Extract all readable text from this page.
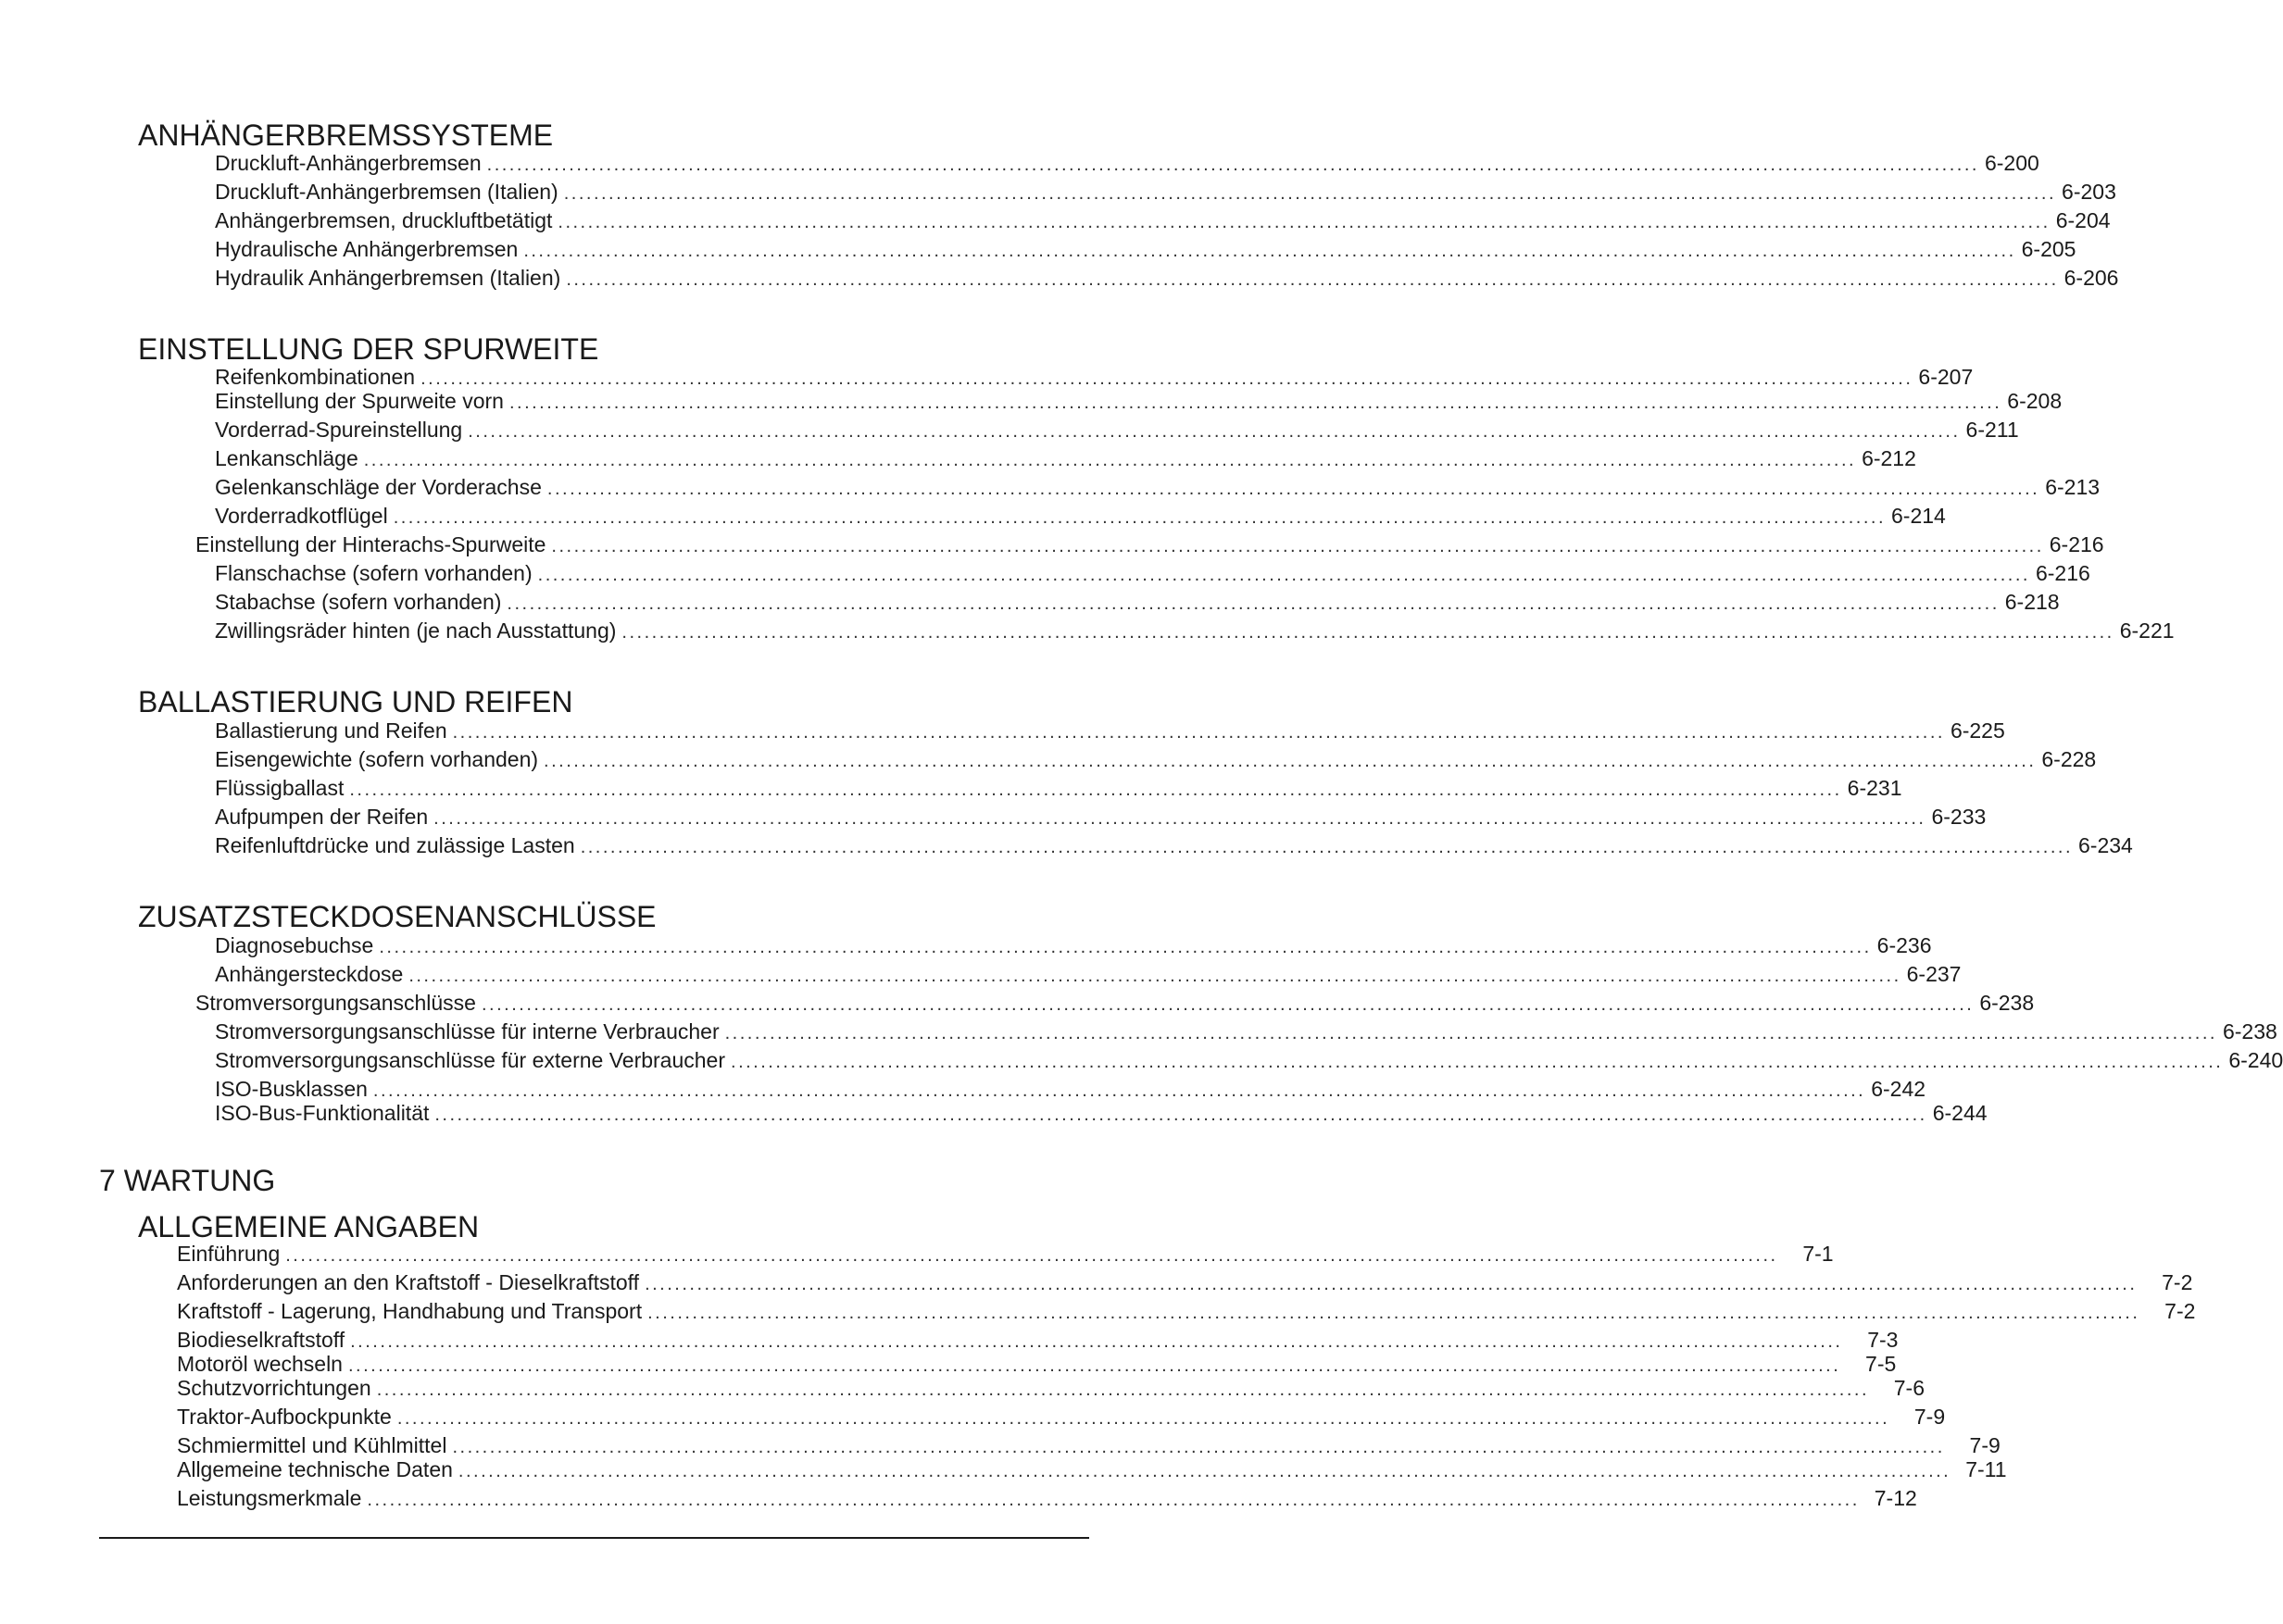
ANHÄNGERBREMSSYSTEME
Druckluft-Anhängerbremsen ........................................................................................................................................................................................................ 6-200
Druckluft-Anhängerbremsen (Italien) ........................................................................................................................................................................................................ 6-203
Anhängerbremsen, druckluftbetätigt ........................................................................................................................................................................................................ 6-204
Hydraulische Anhängerbremsen ........................................................................................................................................................................................................ 6-205
Hydraulik Anhängerbremsen (Italien) ........................................................................................................................................................................................................ 6-206
EINSTELLUNG DER SPURWEITE
Reifenkombinationen ........................................................................................................................................................................................................ 6-207
Einstellung der Spurweite vorn ........................................................................................................................................................................................................ 6-208
Vorderrad-Spureinstellung ........................................................................................................................................................................................................ 6-211
Lenkanschläge ........................................................................................................................................................................................................ 6-212
Gelenkanschläge der Vorderachse ........................................................................................................................................................................................................ 6-213
Vorderradkotflügel ........................................................................................................................................................................................................ 6-214
Einstellung der Hinterachs-Spurweite ........................................................................................................................................................................................................ 6-216
Flanschachse (sofern vorhanden) ........................................................................................................................................................................................................ 6-216
Stabachse (sofern vorhanden) ........................................................................................................................................................................................................ 6-218
Zwillingsräder hinten (je nach Ausstattung) ........................................................................................................................................................................................................ 6-221
BALLASTIERUNG UND REIFEN
Ballastierung und Reifen ........................................................................................................................................................................................................ 6-225
Eisengewichte (sofern vorhanden) ........................................................................................................................................................................................................ 6-228
Flüssigballast ........................................................................................................................................................................................................ 6-231
Aufpumpen der Reifen ........................................................................................................................................................................................................ 6-233
Reifenluftdrücke und zulässige Lasten ........................................................................................................................................................................................................ 6-234
ZUSATZSTECKDOSENANSCHLÜSSE
Diagnosebuchse ........................................................................................................................................................................................................ 6-236
Anhängersteckdose ........................................................................................................................................................................................................ 6-237
Stromversorgungsanschlüsse ........................................................................................................................................................................................................ 6-238
Stromversorgungsanschlüsse für interne Verbraucher ........................................................................................................................................................................................................ 6-238
Stromversorgungsanschlüsse für externe Verbraucher ........................................................................................................................................................................................................ 6-240
ISO-Busklassen ........................................................................................................................................................................................................ 6-242
ISO-Bus-Funktionalität ........................................................................................................................................................................................................ 6-244
7 WARTUNG
ALLGEMEINE ANGABEN
Einführung ........................................................................................................................................................................................................	7-1
Anforderungen an den Kraftstoff - Dieselkraftstoff ........................................................................................................................................................................................................	7-2
Kraftstoff - Lagerung, Handhabung und Transport ........................................................................................................................................................................................................	7-2
Biodieselkraftstoff ........................................................................................................................................................................................................	7-3
Motoröl wechseln ........................................................................................................................................................................................................	7-5
Schutzvorrichtungen ........................................................................................................................................................................................................	7-6
Traktor-Aufbockpunkte ........................................................................................................................................................................................................	7-9
Schmiermittel und Kühlmittel ........................................................................................................................................................................................................	7-9
Allgemeine technische Daten ........................................................................................................................................................................................................ 7-11
Leistungsmerkmale ........................................................................................................................................................................................................ 7-12
